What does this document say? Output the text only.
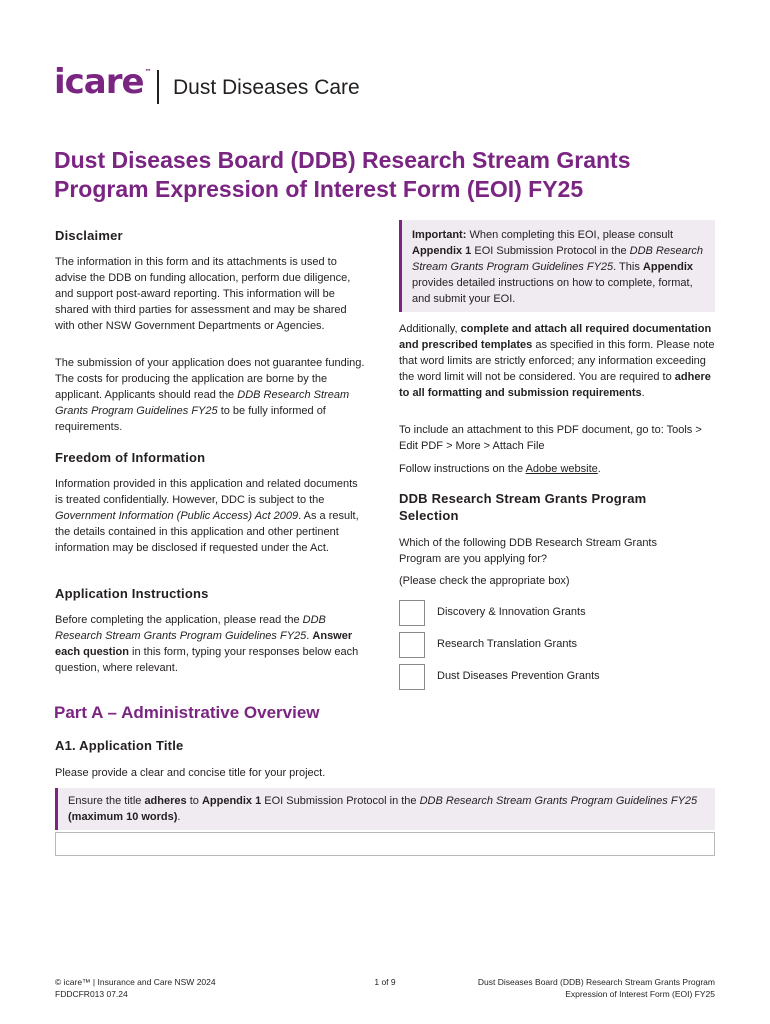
icare™
Dust Diseases Care
Dust Diseases Board (DDB) Research Stream Grants
Program Expression of Interest Form (EOI) FY25
Disclaimer
The information in this form and its attachments is used to advise the DDB on funding allocation, perform due diligence, and support post-award reporting. This information will be shared with third parties for assessment and may be shared with other NSW Government Departments or Agencies.
The submission of your application does not guarantee funding. The costs for producing the application are borne by the applicant. Applicants should read the DDB Research Stream Grants Program Guidelines FY25 to be fully informed of requirements.
Freedom of Information
Information provided in this application and related documents is treated confidentially. However, DDC is subject to the Government Information (Public Access) Act 2009. As a result, the details contained in this application and other pertinent information may be disclosed if requested under the Act.
Application Instructions
Before completing the application, please read the DDB Research Stream Grants Program Guidelines FY25. Answer each question in this form, typing your responses below each question, where relevant.
Important: When completing this EOI, please consult Appendix 1 EOI Submission Protocol in the DDB Research Stream Grants Program Guidelines FY25. This Appendix provides detailed instructions on how to complete, format, and submit your EOI.
Additionally, complete and attach all required documentation and prescribed templates as specified in this form. Please note that word limits are strictly enforced; any information exceeding the word limit will not be considered. You are required to adhere to all formatting and submission requirements.
To include an attachment to this PDF document, go to: Tools > Edit PDF > More > Attach File
Follow instructions on the Adobe website.
DDB Research Stream Grants Program Selection
Which of the following DDB Research Stream Grants Program are you applying for?
(Please check the appropriate box)
Discovery & Innovation Grants
Research Translation Grants
Dust Diseases Prevention Grants
Part A – Administrative Overview
A1. Application Title
Please provide a clear and concise title for your project.
Ensure the title adheres to Appendix 1 EOI Submission Protocol in the DDB Research Stream Grants Program Guidelines FY25 (maximum 10 words).
© icare™ | Insurance and Care NSW 2024
FDDCFR013 07.24
1 of 9	Dust Diseases Board (DDB) Research Stream Grants Program
Expression of Interest Form (EOI) FY25
